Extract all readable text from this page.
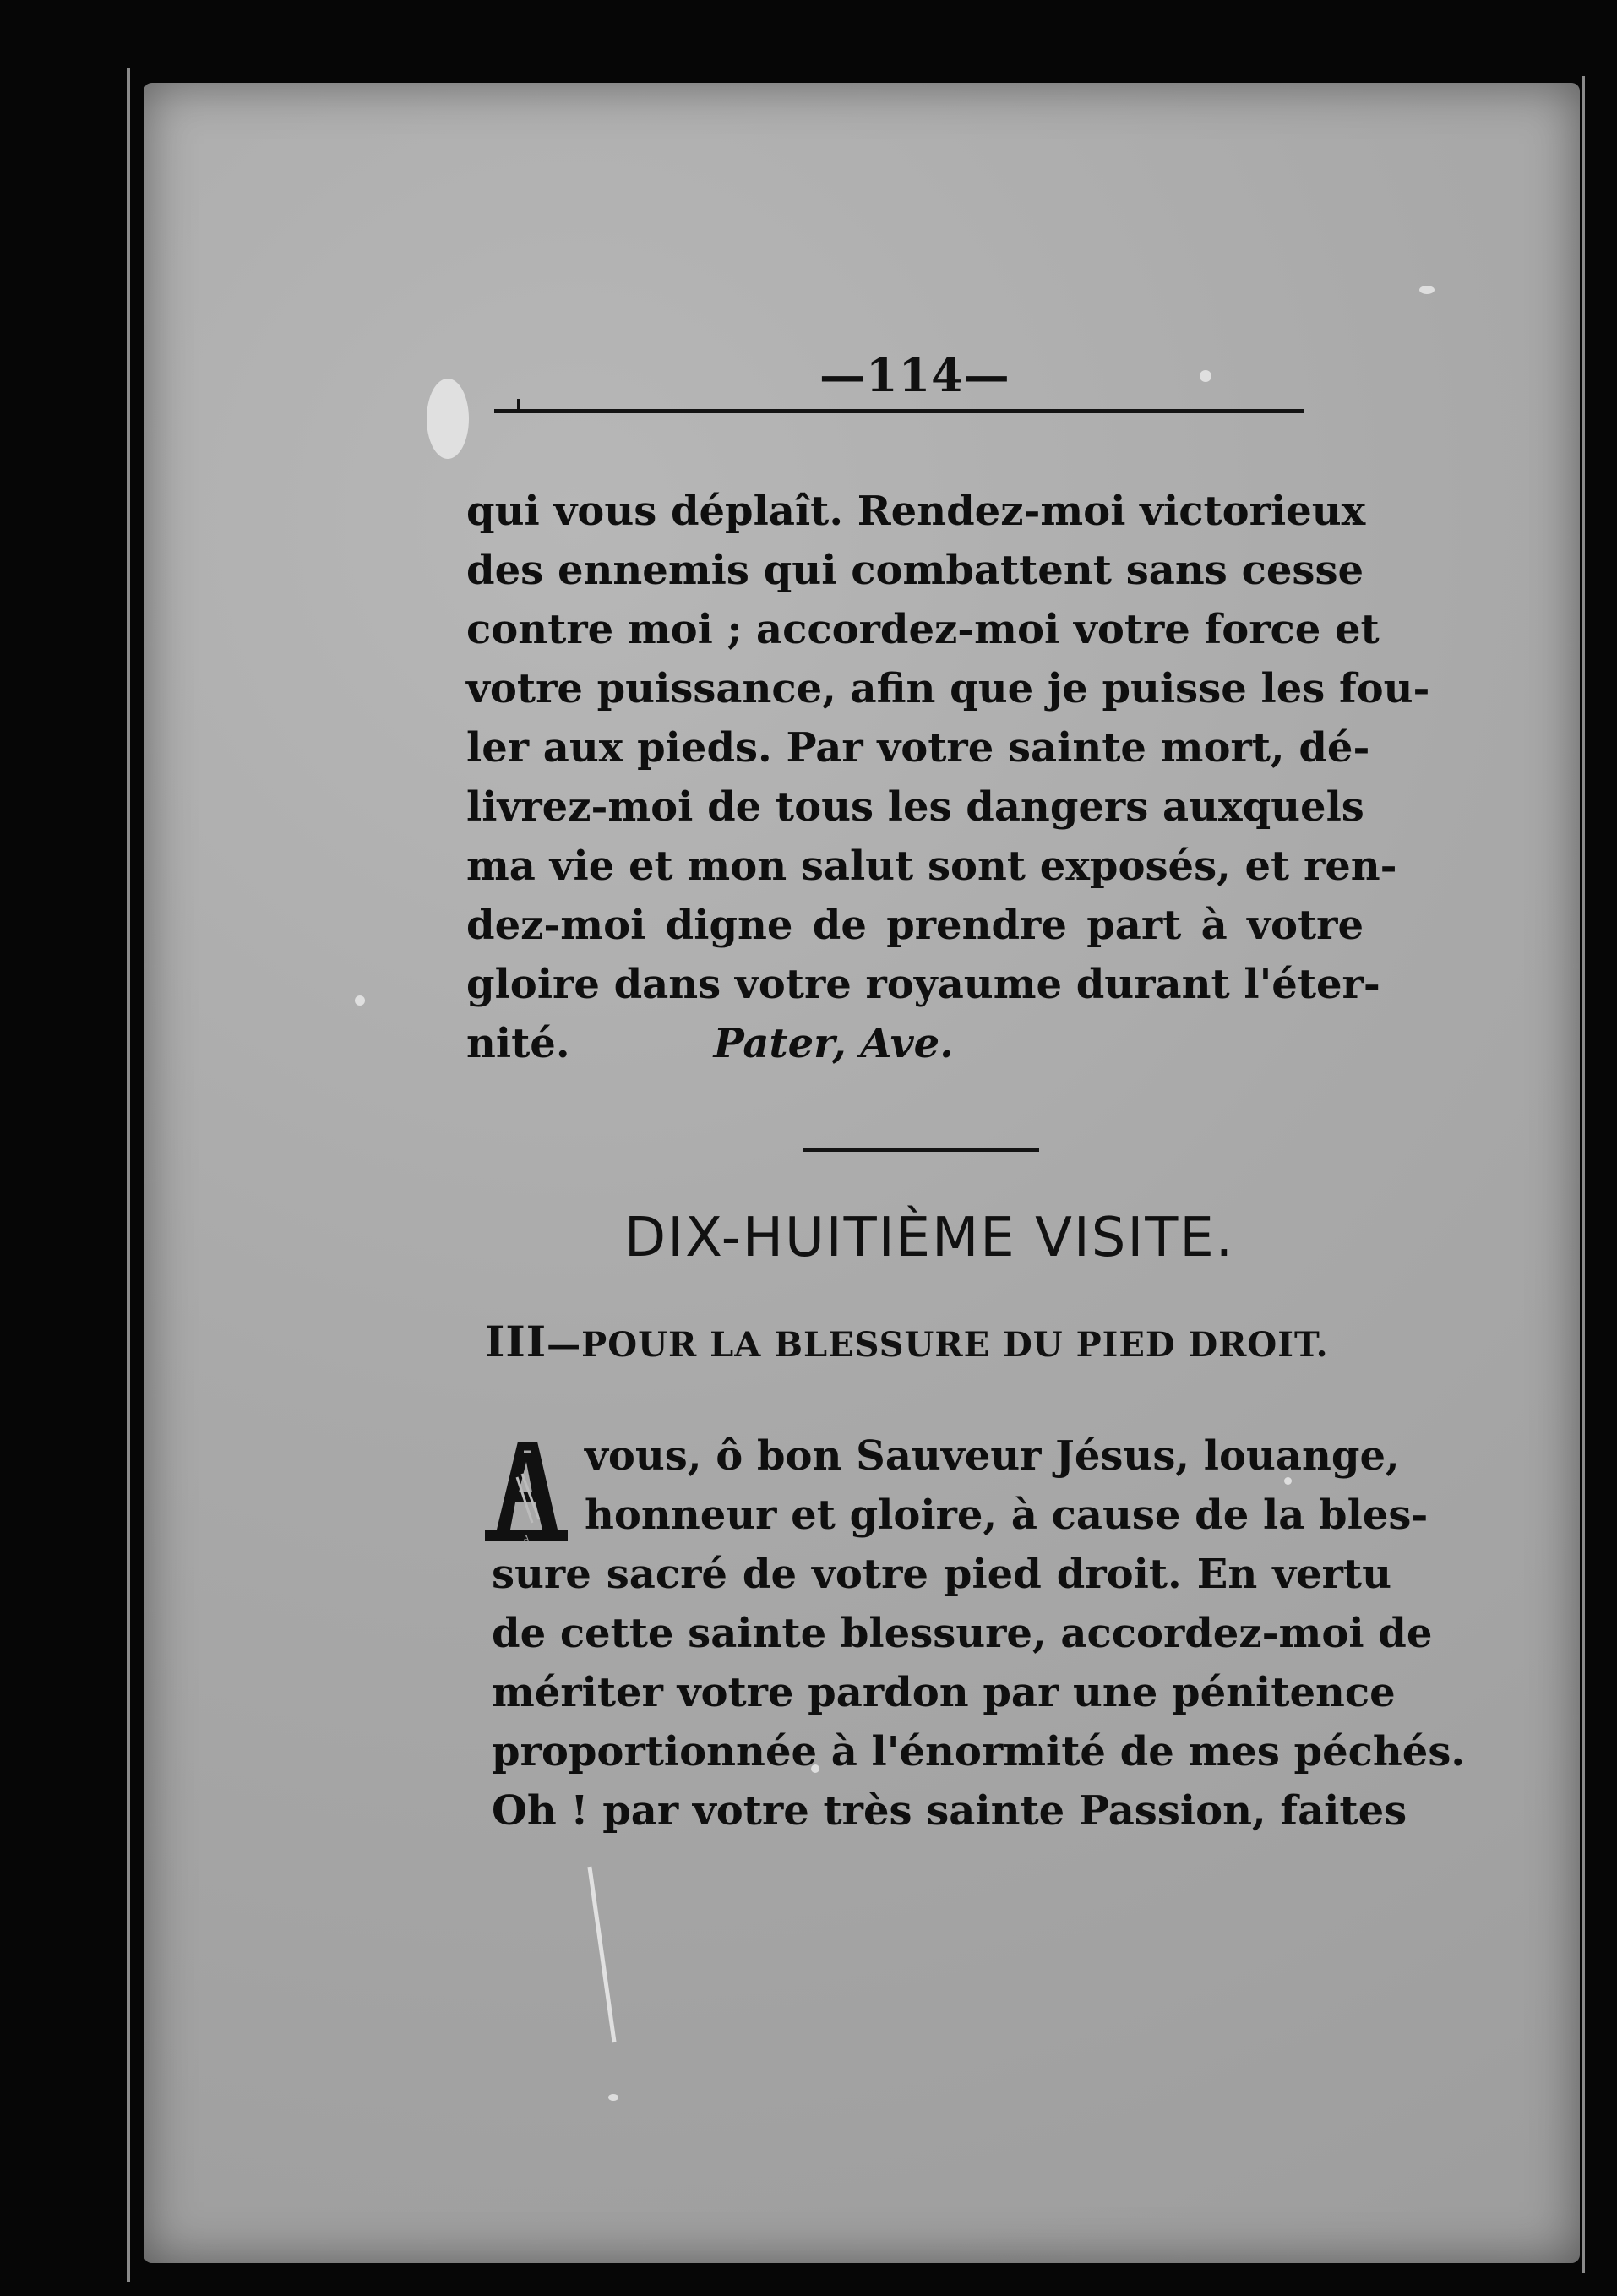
—114—
qui vous déplaît. Rendez-moi victorieux
des ennemis qui combattent sans cesse
contre moi ; accordez-moi votre force et
votre puissance, afin que je puisse les fou-
ler aux pieds. Par votre sainte mort, dé-
livrez-moi de tous les dangers auxquels
ma vie et mon salut sont exposés, et ren-
dez-moi digne de prendre part à votre
gloire dans votre royaume durant l'éter-
nité.	Pater, Ave.
DIX-HUITIÈME VISITE.
III—POUR LA BLESSURE DU PIED DROIT.
A
vous, ô bon Sauveur Jésus, louange,
honneur et gloire, à cause de la bles-
sure sacré de votre pied droit. En vertu
de cette sainte blessure, accordez-moi de
mériter votre pardon par une pénitence
proportionnée à l'énormité de mes péchés.
Oh ! par votre très sainte Passion, faites
